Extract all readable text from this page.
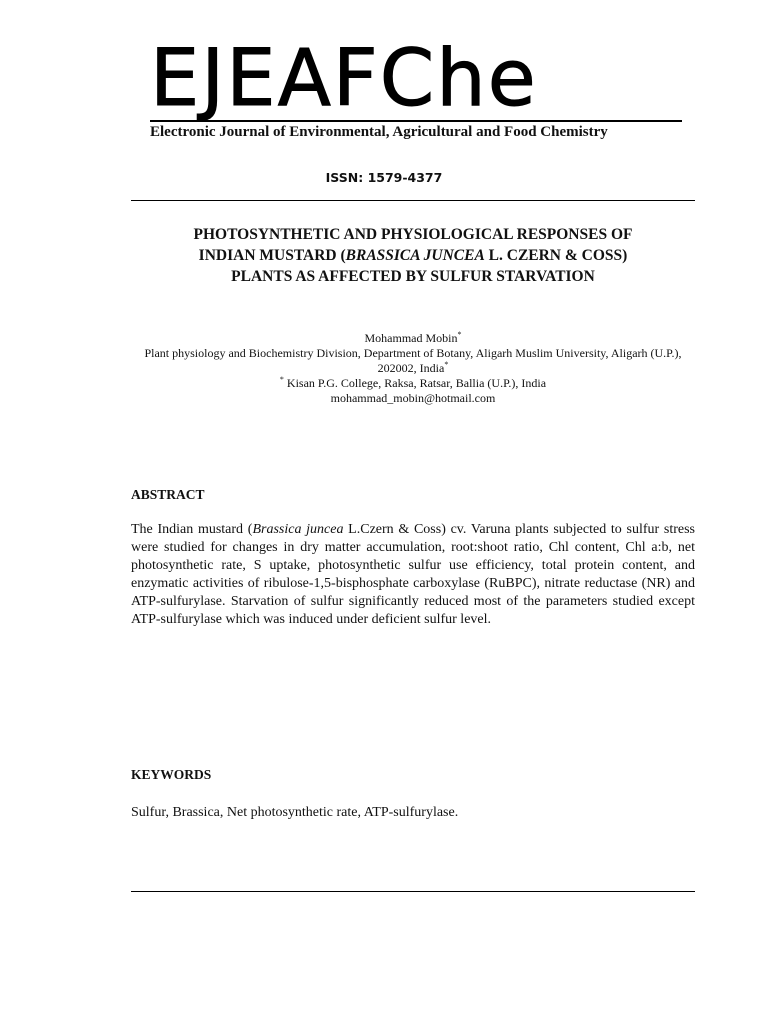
EJEAFChe
Electronic Journal of Environmental, Agricultural and Food Chemistry
ISSN: 1579-4377
PHOTOSYNTHETIC AND PHYSIOLOGICAL RESPONSES OF
INDIAN MUSTARD (BRASSICA JUNCEA L. CZERN & COSS)
PLANTS AS AFFECTED BY SULFUR STARVATION
Mohammad Mobin*
Plant physiology and Biochemistry Division, Department of Botany, Aligarh Muslim University, Aligarh (U.P.), 202002, India*
* Kisan P.G. College, Raksa, Ratsar, Ballia (U.P.), India
mohammad_mobin@hotmail.com
ABSTRACT
The Indian mustard (Brassica juncea L.Czern & Coss) cv. Varuna plants subjected to sulfur stress were studied for changes in dry matter accumulation, root:shoot ratio, Chl content, Chl a:b, net photosynthetic rate, S uptake, photosynthetic sulfur use efficiency, total protein content, and enzymatic activities of ribulose-1,5-bisphosphate carboxylase (RuBPC), nitrate reductase (NR) and ATP-sulfurylase. Starvation of sulfur significantly reduced most of the parameters studied except ATP-sulfurylase which was induced under deficient sulfur level.
KEYWORDS
Sulfur, Brassica, Net photosynthetic rate, ATP-sulfurylase.
